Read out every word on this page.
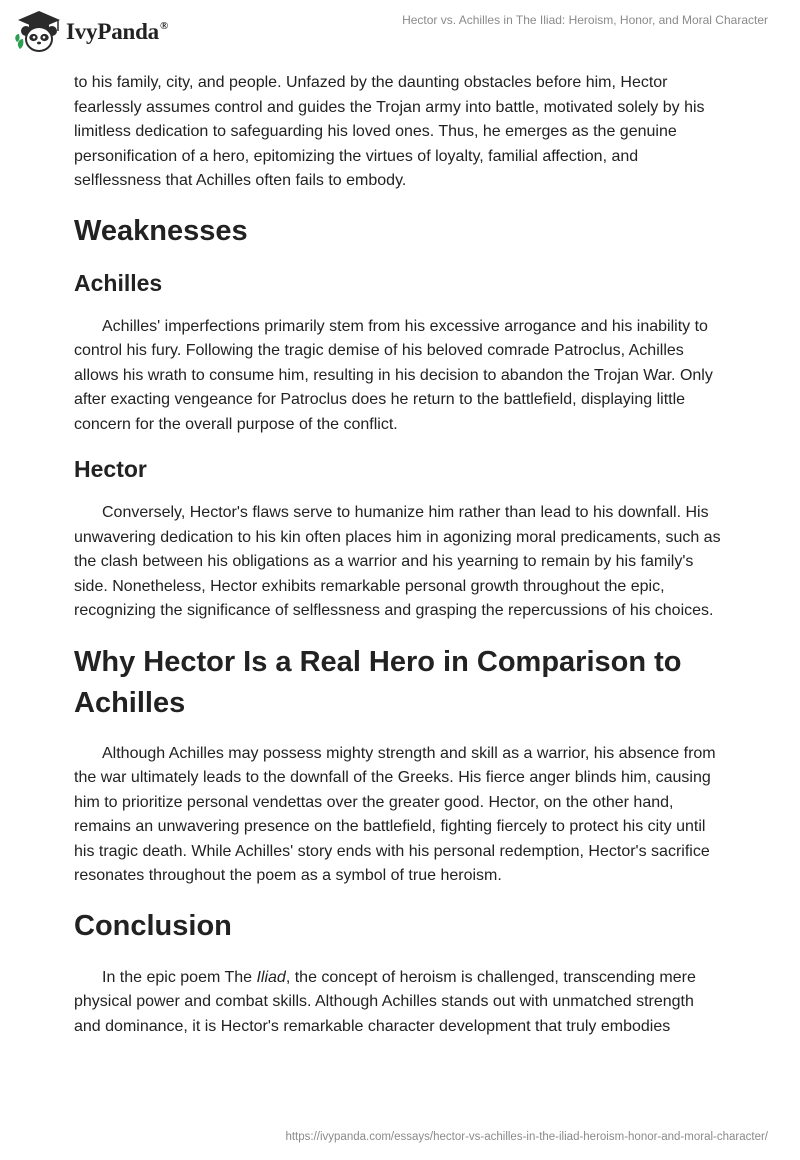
IvyPanda®	Hector vs. Achilles in The Iliad: Heroism, Honor, and Moral Character

to his family, city, and people. Unfazed by the daunting obstacles before him, Hector fearlessly assumes control and guides the Trojan army into battle, motivated solely by his limitless dedication to safeguarding his loved ones. Thus, he emerges as the genuine personification of a hero, epitomizing the virtues of loyalty, familial affection, and selflessness that Achilles often fails to embody.

Weaknesses
Achilles

Achilles' imperfections primarily stem from his excessive arrogance and his inability to control his fury. Following the tragic demise of his beloved comrade Patroclus, Achilles allows his wrath to consume him, resulting in his decision to abandon the Trojan War. Only after exacting vengeance for Patroclus does he return to the battlefield, displaying little concern for the overall purpose of the conflict.

Hector

Conversely, Hector's flaws serve to humanize him rather than lead to his downfall. His unwavering dedication to his kin often places him in agonizing moral predicaments, such as the clash between his obligations as a warrior and his yearning to remain by his family's side. Nonetheless, Hector exhibits remarkable personal growth throughout the epic, recognizing the significance of selflessness and grasping the repercussions of his choices.

Why Hector Is a Real Hero in Comparison to Achilles

Although Achilles may possess mighty strength and skill as a warrior, his absence from the war ultimately leads to the downfall of the Greeks. His fierce anger blinds him, causing him to prioritize personal vendettas over the greater good. Hector, on the other hand, remains an unwavering presence on the battlefield, fighting fiercely to protect his city until his tragic death. While Achilles' story ends with his personal redemption, Hector's sacrifice resonates throughout the poem as a symbol of true heroism.

Conclusion

In the epic poem The Iliad, the concept of heroism is challenged, transcending mere physical power and combat skills. Although Achilles stands out with unmatched strength and dominance, it is Hector's remarkable character development that truly embodies

https://ivypanda.com/essays/hector-vs-achilles-in-the-iliad-heroism-honor-and-moral-character/
